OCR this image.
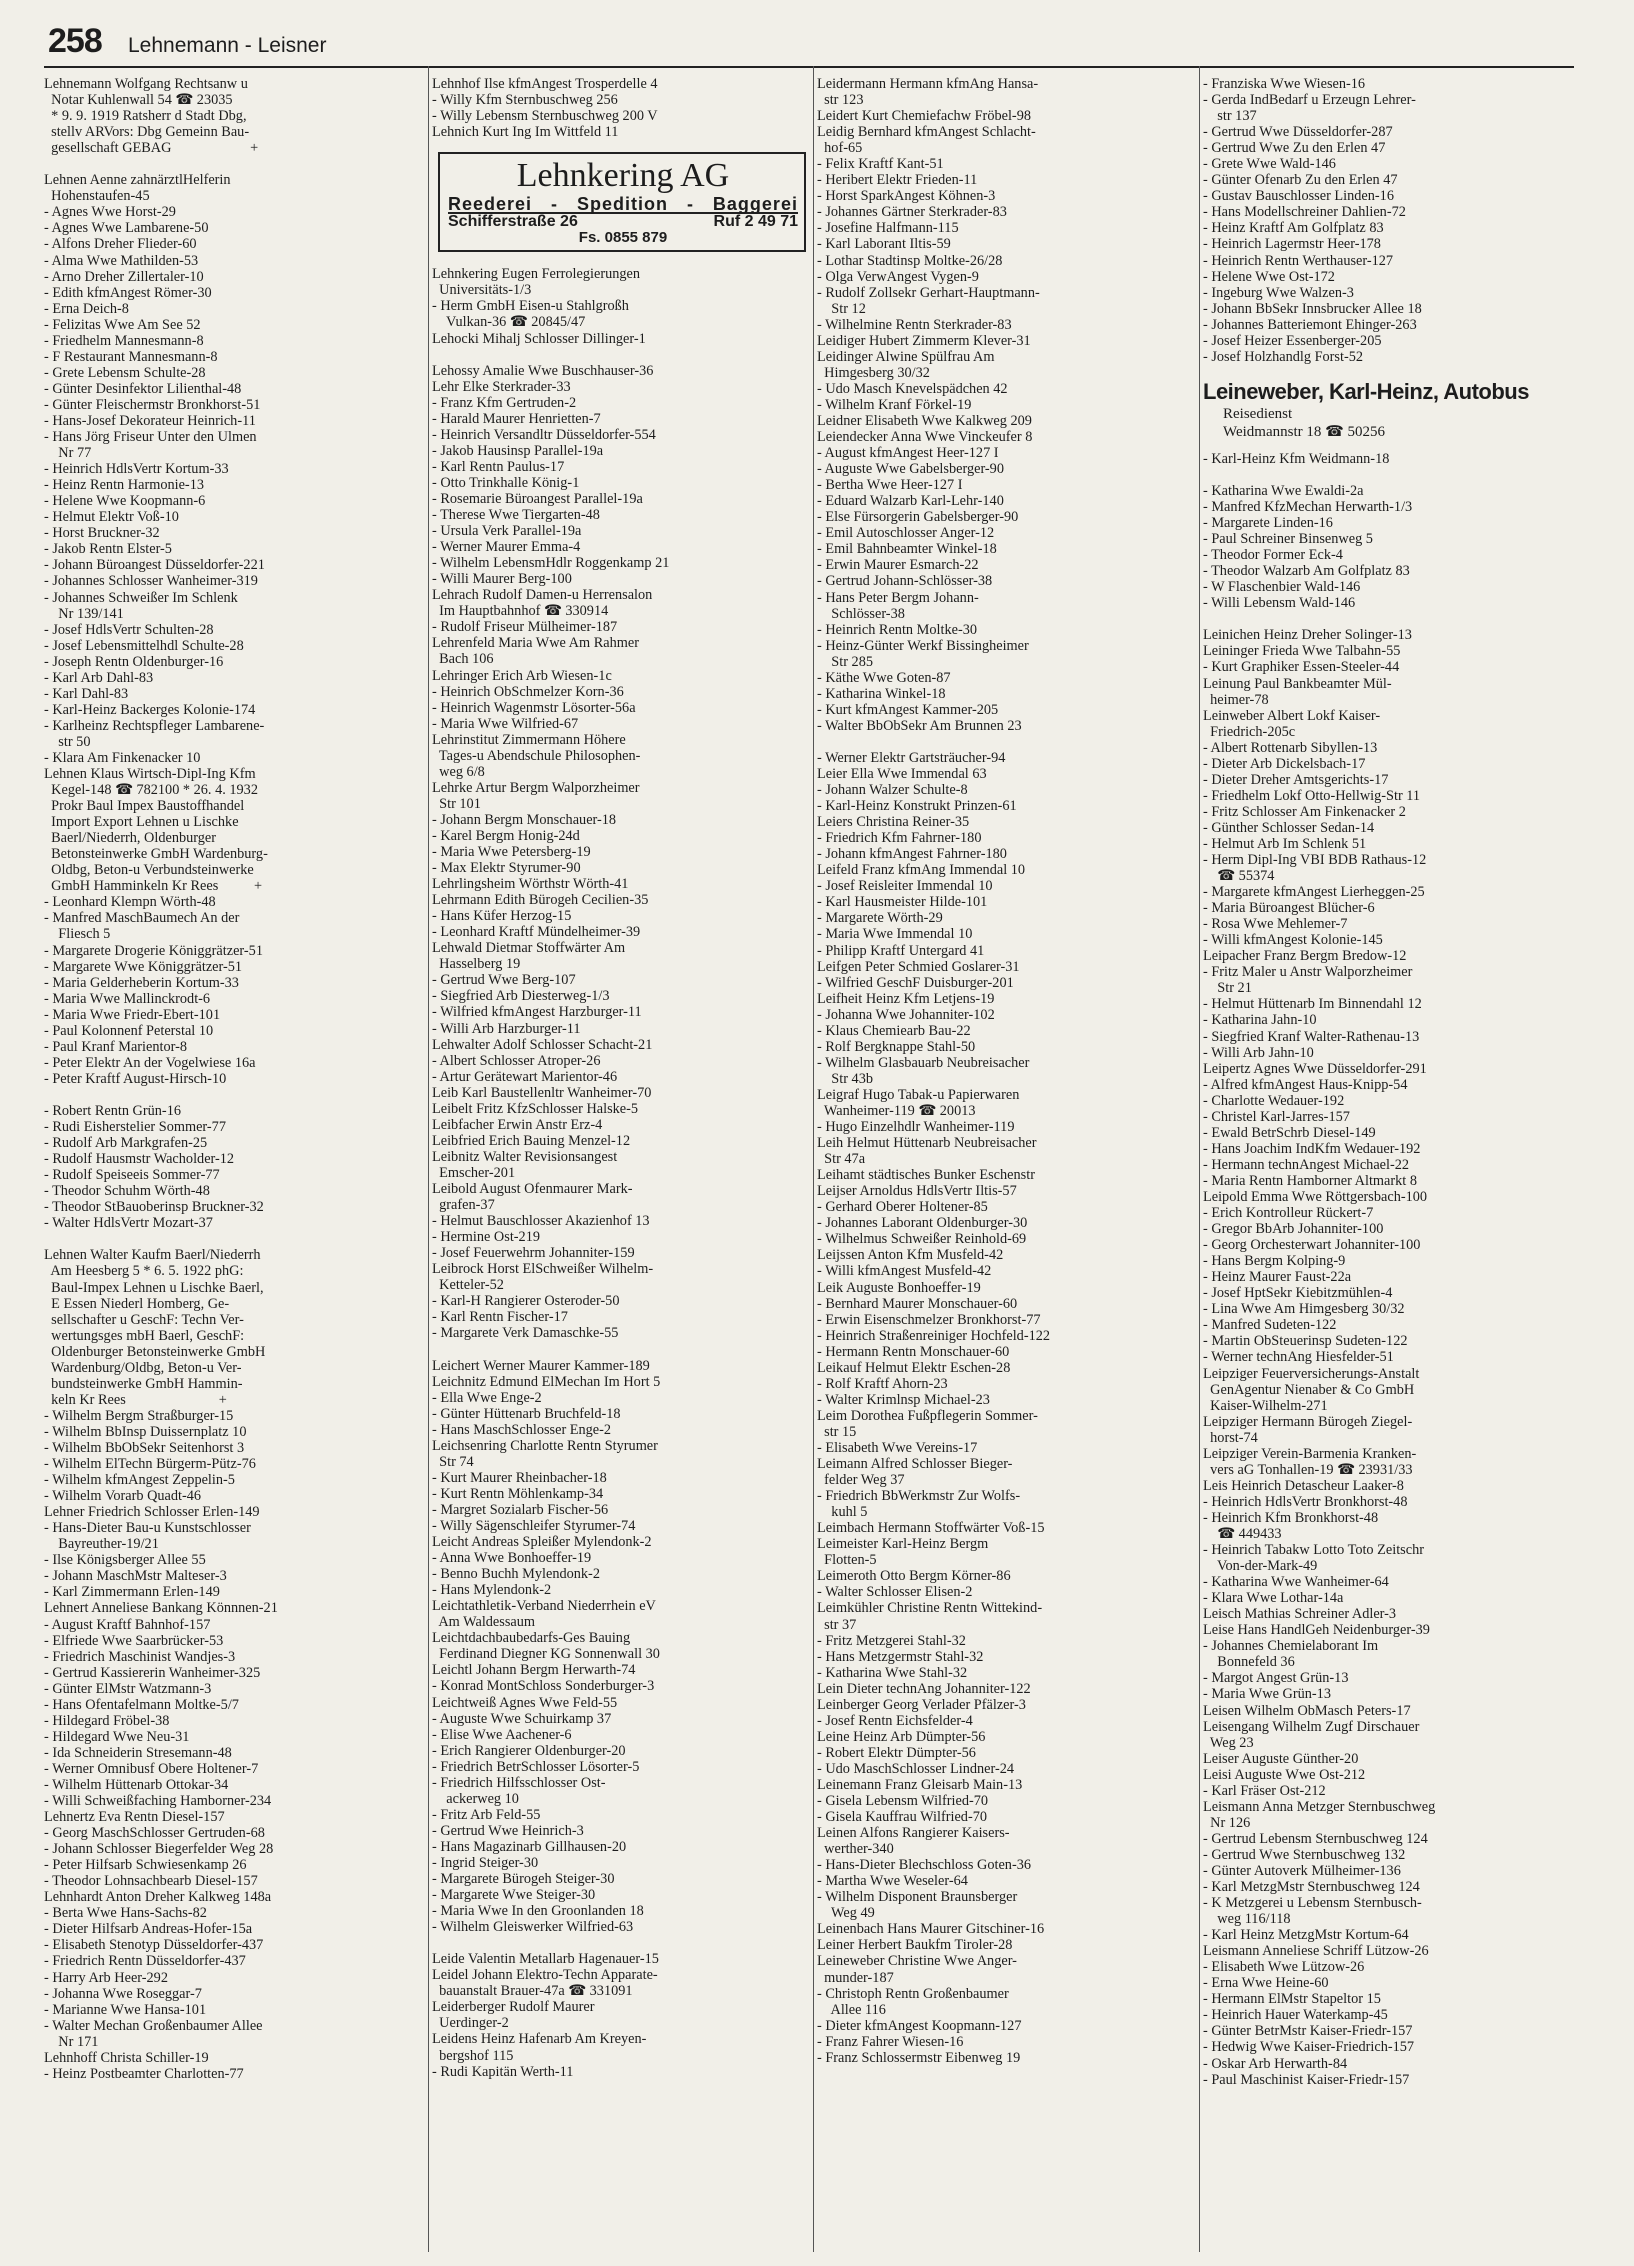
258 Lehnemann - Leisner
Lehnemann Wolfgang Rechtsanw u
Notar Kuhlenwall 54 ☎ 23035
* 9. 9. 1919 Ratsherr d Stadt Dbg,
stellv ARVors: Dbg Gemeinn Bau-
gesellschaft GEBAG                      +

Lehnen Aenne zahnärztlHelferin
Hohenstaufen-45
- Agnes Wwe Horst-29
- Agnes Wwe Lambarene-50
- Alfons Dreher Flieder-60
- Alma Wwe Mathilden-53
- Arno Dreher Zillertaler-10
- Edith kfmAngest Römer-30
- Erna Deich-8
- Felizitas Wwe Am See 52
- Friedhelm Mannesmann-8
- F Restaurant Mannesmann-8
- Grete Lebensm Schulte-28
- Günter Desinfektor Lilienthal-48
- Günter Fleischermstr Bronkhorst-51
- Hans-Josef Dekorateur Heinrich-11
- Hans Jörg Friseur Unter den Ulmen
Nr 77
- Heinrich HdlsVertr Kortum-33
- Heinz Rentn Harmonie-13
- Helene Wwe Koopmann-6
- Helmut Elektr Voß-10
- Horst Bruckner-32
- Jakob Rentn Elster-5
- Johann Büroangest Düsseldorfer-221
- Johannes Schlosser Wanheimer-319
- Johannes Schweißer Im Schlenk
Nr 139/141
- Josef HdlsVertr Schulten-28
- Josef Lebensmittelhdl Schulte-28
- Joseph Rentn Oldenburger-16
- Karl Arb Dahl-83
- Karl Dahl-83
- Karl-Heinz Backerges Kolonie-174
- Karlheinz Rechtspfleger Lambarene-
str 50
- Klara Am Finkenacker 10
Lehnen Klaus Wirtsch-Dipl-Ing Kfm
Kegel-148 ☎ 782100 * 26. 4. 1932
Prokr Baul Impex Baustoffhandel
Import Export Lehnen u Lischke
Baerl/Niederrh, Oldenburger
Betonsteinwerke GmbH Wardenburg-
Oldbg, Beton-u Verbundsteinwerke
GmbH Hamminkeln Kr Rees          +
- Leonhard Klempn Wörth-48
- Manfred MaschBaumech An der
Fliesch 5
- Margarete Drogerie Königgrätzer-51
- Margarete Wwe Königgrätzer-51
- Maria Gelderheberin Kortum-33
- Maria Wwe Mallinckrodt-6
- Maria Wwe Friedr-Ebert-101
- Paul Kolonnenf Peterstal 10
- Paul Kranf Marientor-8
- Peter Elektr An der Vogelwiese 16a
- Peter Kraftf August-Hirsch-10

- Robert Rentn Grün-16
- Rudi Eisherstelier Sommer-77
- Rudolf Arb Markgrafen-25
- Rudolf Hausmstr Wacholder-12
- Rudolf Speiseeis Sommer-77
- Theodor Schuhm Wörth-48
- Theodor StBauoberinsp Bruckner-32
- Walter HdlsVertr Mozart-37

Lehnen Walter Kaufm Baerl/Niederrh
Am Heesberg 5 * 6. 5. 1922 phG:
Baul-Impex Lehnen u Lischke Baerl,
E Essen Niederl Homberg, Ge-
sellschafter u GeschF: Techn Ver-
wertungsges mbH Baerl, GeschF:
Oldenburger Betonsteinwerke GmbH
Wardenburg/Oldbg, Beton-u Ver-
bundsteinwerke GmbH Hammin-
keln Kr Rees                          +
- Wilhelm Bergm Straßburger-15
- Wilhelm BbInsp Duissernplatz 10
- Wilhelm BbObSekr Seitenhorst 3
- Wilhelm ElTechn Bürgerm-Pütz-76
- Wilhelm kfmAngest Zeppelin-5
- Wilhelm Vorarb Quadt-46
Lehner Friedrich Schlosser Erlen-149
- Hans-Dieter Bau-u Kunstschlosser
Bayreuther-19/21
- Ilse Königsberger Allee 55
- Johann MaschMstr Malteser-3
- Karl Zimmermann Erlen-149
Lehnert Anneliese Bankang Könnnen-21
- August Kraftf Bahnhof-157
- Elfriede Wwe Saarbrücker-53
- Friedrich Maschinist Wandjes-3
- Gertrud Kassiererin Wanheimer-325
- Günter ElMstr Watzmann-3
- Hans Ofentafelmann Moltke-5/7
- Hildegard Fröbel-38
- Hildegard Wwe Neu-31
- Ida Schneiderin Stresemann-48
- Werner Omnibusf Obere Holtener-7
- Wilhelm Hüttenarb Ottokar-34
- Willi Schweißfaching Hamborner-234
Lehnertz Eva Rentn Diesel-157
- Georg MaschSchlosser Gertruden-68
- Johann Schlosser Biegerfelder Weg 28
- Peter Hilfsarb Schwiesenkamp 26
- Theodor Lohnsachbearb Diesel-157
Lehnhardt Anton Dreher Kalkweg 148a
- Berta Wwe Hans-Sachs-82
- Dieter Hilfsarb Andreas-Hofer-15a
- Elisabeth Stenotyp Düsseldorfer-437
- Friedrich Rentn Düsseldorfer-437
- Harry Arb Heer-292
- Johanna Wwe Roseggar-7
- Marianne Wwe Hansa-101
- Walter Mechan Großenbaumer Allee
Nr 171
Lehnhoff Christa Schiller-19
- Heinz Postbeamter Charlotten-77
Lehnhof Ilse kfmAngest Trosperdelle 4
- Willy Kfm Sternbuschweg 256
- Willy Lebensm Sternbuschweg 200 V
Lehnich Kurt Ing Im Wittfeld 11
Lehnkering AG
Reederei - Spedition - Baggerei
Schifferstraße 26	Ruf 2 49 71
Fs. 0855 879
Lehnkering Eugen Ferrolegierungen
Universitäts-1/3
- Herm GmbH Eisen-u Stahlgroßh
Vulkan-36 ☎ 20845/47
Lehocki Mihalj Schlosser Dillinger-1

Lehossy Amalie Wwe Buschhauser-36
Lehr Elke Sterkrader-33
- Franz Kfm Gertruden-2
- Harald Maurer Henrietten-7
- Heinrich Versandltr Düsseldorfer-554
- Jakob Hausinsp Parallel-19a
- Karl Rentn Paulus-17
- Otto Trinkhalle König-1
- Rosemarie Büroangest Parallel-19a
- Therese Wwe Tiergarten-48
- Ursula Verk Parallel-19a
- Werner Maurer Emma-4
- Wilhelm LebensmHdlr Roggenkamp 21
- Willi Maurer Berg-100
Lehrach Rudolf Damen-u Herrensalon
Im Hauptbahnhof ☎ 330914
- Rudolf Friseur Mülheimer-187
Lehrenfeld Maria Wwe Am Rahmer
Bach 106
Lehringer Erich Arb Wiesen-1c
- Heinrich ObSchmelzer Korn-36
- Heinrich Wagenmstr Lösorter-56a
- Maria Wwe Wilfried-67
Lehrinstitut Zimmermann Höhere
Tages-u Abendschule Philosophen-
weg 6/8
Lehrke Artur Bergm Walporzheimer
Str 101
- Johann Bergm Monschauer-18
- Karel Bergm Honig-24d
- Maria Wwe Petersberg-19
- Max Elektr Styrumer-90
Lehrlingsheim Wörthstr Wörth-41
Lehrmann Edith Bürogeh Cecilien-35
- Hans Küfer Herzog-15
- Leonhard Kraftf Mündelheimer-39
Lehwald Dietmar Stoffwärter Am
Hasselberg 19
- Gertrud Wwe Berg-107
- Siegfried Arb Diesterweg-1/3
- Wilfried kfmAngest Harzburger-11
- Willi Arb Harzburger-11
Lehwalter Adolf Schlosser Schacht-21
- Albert Schlosser Atroper-26
- Artur Gerätewart Marientor-46
Leib Karl Baustellenltr Wanheimer-70
Leibelt Fritz KfzSchlosser Halske-5
Leibfacher Erwin Anstr Erz-4
Leibfried Erich Bauing Menzel-12
Leibnitz Walter Revisionsangest
Emscher-201
Leibold August Ofenmaurer Mark-
grafen-37
- Helmut Bauschlosser Akazienhof 13
- Hermine Ost-219
- Josef Feuerwehrm Johanniter-159
Leibrock Horst ElSchweißer Wilhelm-
Ketteler-52
- Karl-H Rangierer Osteroder-50
- Karl Rentn Fischer-17
- Margarete Verk Damaschke-55

Leichert Werner Maurer Kammer-189
Leichnitz Edmund ElMechan Im Hort 5
- Ella Wwe Enge-2
- Günter Hüttenarb Bruchfeld-18
- Hans MaschSchlosser Enge-2
Leichsenring Charlotte Rentn Styrumer
Str 74
- Kurt Maurer Rheinbacher-18
- Kurt Rentn Möhlenkamp-34
- Margret Sozialarb Fischer-56
- Willy Sägenschleifer Styrumer-74
Leicht Andreas Spleißer Mylendonk-2
- Anna Wwe Bonhoeffer-19
- Benno Buchh Mylendonk-2
- Hans Mylendonk-2
Leichtathletik-Verband Niederrhein eV
Am Waldessaum
Leichtdachbaubedarfs-Ges Bauing
Ferdinand Diegner KG Sonnenwall 30
Leichtl Johann Bergm Herwarth-74
- Konrad MontSchloss Sonderburger-3
Leichtweiß Agnes Wwe Feld-55
- Auguste Wwe Schuirkamp 37
- Elise Wwe Aachener-6
- Erich Rangierer Oldenburger-20
- Friedrich BetrSchlosser Lösorter-5
- Friedrich Hilfsschlosser Ost-
ackerweg 10
- Fritz Arb Feld-55
- Gertrud Wwe Heinrich-3
- Hans Magazinarb Gillhausen-20
- Ingrid Steiger-30
- Margarete Bürogeh Steiger-30
- Margarete Wwe Steiger-30
- Maria Wwe In den Groonlanden 18
- Wilhelm Gleiswerker Wilfried-63

Leide Valentin Metallarb Hagenauer-15
Leidel Johann Elektro-Techn Apparate-
bauanstalt Brauer-47a ☎ 331091
Leiderberger Rudolf Maurer
Uerdinger-2
Leidens Heinz Hafenarb Am Kreyen-
bergshof 115
- Rudi Kapitän Werth-11
Leidermann Hermann kfmAng Hansa-
str 123
Leidert Kurt Chemiefachw Fröbel-98
Leidig Bernhard kfmAngest Schlacht-
hof-65
- Felix Kraftf Kant-51
- Heribert Elektr Frieden-11
- Horst SparkAngest Köhnen-3
- Johannes Gärtner Sterkrader-83
- Josefine Halfmann-115
- Karl Laborant Iltis-59
- Lothar Stadtinsp Moltke-26/28
- Olga VerwAngest Vygen-9
- Rudolf Zollsekr Gerhart-Hauptmann-
Str 12
- Wilhelmine Rentn Sterkrader-83
Leidiger Hubert Zimmerm Klever-31
Leidinger Alwine Spülfrau Am
Himgesberg 30/32
- Udo Masch Knevelspädchen 42
- Wilhelm Kranf Förkel-19
Leidner Elisabeth Wwe Kalkweg 209
Leiendecker Anna Wwe Vinckeufer 8
- August kfmAngest Heer-127 I
- Auguste Wwe Gabelsberger-90
- Bertha Wwe Heer-127 I
- Eduard Walzarb Karl-Lehr-140
- Else Fürsorgerin Gabelsberger-90
- Emil Autoschlosser Anger-12
- Emil Bahnbeamter Winkel-18
- Erwin Maurer Esmarch-22
- Gertrud Johann-Schlösser-38
- Hans Peter Bergm Johann-
Schlösser-38
- Heinrich Rentn Moltke-30
- Heinz-Günter Werkf Bissingheimer
Str 285
- Käthe Wwe Goten-87
- Katharina Winkel-18
- Kurt kfmAngest Kammer-205
- Walter BbObSekr Am Brunnen 23

- Werner Elektr Gartsträucher-94
Leier Ella Wwe Immendal 63
- Johann Walzer Schulte-8
- Karl-Heinz Konstrukt Prinzen-61
Leiers Christina Reiner-35
- Friedrich Kfm Fahrner-180
- Johann kfmAngest Fahrner-180
Leifeld Franz kfmAng Immendal 10
- Josef Reisleiter Immendal 10
- Karl Hausmeister Hilde-101
- Margarete Wörth-29
- Maria Wwe Immendal 10
- Philipp Kraftf Untergard 41
Leifgen Peter Schmied Goslarer-31
- Wilfried GeschF Duisburger-201
Leifheit Heinz Kfm Letjens-19
- Johanna Wwe Johanniter-102
- Klaus Chemiearb Bau-22
- Rolf Bergknappe Stahl-50
- Wilhelm Glasbauarb Neubreisacher
Str 43b
Leigraf Hugo Tabak-u Papierwaren
Wanheimer-119 ☎ 20013
- Hugo Einzelhdlr Wanheimer-119
Leih Helmut Hüttenarb Neubreisacher
Str 47a
Leihamt städtisches Bunker Eschenstr
Leijser Arnoldus HdlsVertr Iltis-57
- Gerhard Oberer Holtener-85
- Johannes Laborant Oldenburger-30
- Wilhelmus Schweißer Reinhold-69
Leijssen Anton Kfm Musfeld-42
- Willi kfmAngest Musfeld-42
Leik Auguste Bonhoeffer-19
- Bernhard Maurer Monschauer-60
- Erwin Eisenschmelzer Bronkhorst-77
- Heinrich Straßenreiniger Hochfeld-122
- Hermann Rentn Monschauer-60
Leikauf Helmut Elektr Eschen-28
- Rolf Kraftf Ahorn-23
- Walter Krimlnsp Michael-23
Leim Dorothea Fußpflegerin Sommer-
str 15
- Elisabeth Wwe Vereins-17
Leimann Alfred Schlosser Bieger-
felder Weg 37
- Friedrich BbWerkmstr Zur Wolfs-
kuhl 5
Leimbach Hermann Stoffwärter Voß-15
Leimeister Karl-Heinz Bergm
Flotten-5
Leimeroth Otto Bergm Körner-86
- Walter Schlosser Elisen-2
Leimkühler Christine Rentn Wittekind-
str 37
- Fritz Metzgerei Stahl-32
- Hans Metzgermstr Stahl-32
- Katharina Wwe Stahl-32
Lein Dieter technAng Johanniter-122
Leinberger Georg Verlader Pfälzer-3
- Josef Rentn Eichsfelder-4
Leine Heinz Arb Dümpter-56
- Robert Elektr Dümpter-56
- Udo MaschSchlosser Lindner-24
Leinemann Franz Gleisarb Main-13
- Gisela Lebensm Wilfried-70
- Gisela Kauffrau Wilfried-70
Leinen Alfons Rangierer Kaisers-
werther-340
- Hans-Dieter Blechschloss Goten-36
- Martha Wwe Weseler-64
- Wilhelm Disponent Braunsberger
Weg 49
Leinenbach Hans Maurer Gitschiner-16
Leiner Herbert Baukfm Tiroler-28
Leineweber Christine Wwe Anger-
munder-187
- Christoph Rentn Großenbaumer
Allee 116
- Dieter kfmAngest Koopmann-127
- Franz Fahrer Wiesen-16
- Franz Schlossermstr Eibenweg 19
- Franziska Wwe Wiesen-16
- Gerda IndBedarf u Erzeugn Lehrer-
str 137
- Gertrud Wwe Düsseldorfer-287
- Gertrud Wwe Zu den Erlen 47
- Grete Wwe Wald-146
- Günter Ofenarb Zu den Erlen 47
- Gustav Bauschlosser Linden-16
- Hans Modellschreiner Dahlien-72
- Heinz Kraftf Am Golfplatz 83
- Heinrich Lagermstr Heer-178
- Heinrich Rentn Werthauser-127
- Helene Wwe Ost-172
- Ingeburg Wwe Walzen-3
- Johann BbSekr Innsbrucker Allee 18
- Johannes Batteriemont Ehinger-263
- Josef Heizer Essenberger-205
- Josef Holzhandlg Forst-52
Leineweber, Karl-Heinz, Autobus
Reisedienst
Weidmannstr 18 ☎ 50256
- Karl-Heinz Kfm Weidmann-18

- Katharina Wwe Ewaldi-2a
- Manfred KfzMechan Herwarth-1/3
- Margarete Linden-16
- Paul Schreiner Binsenweg 5
- Theodor Former Eck-4
- Theodor Walzarb Am Golfplatz 83
- W Flaschenbier Wald-146
- Willi Lebensm Wald-146

Leinichen Heinz Dreher Solinger-13
Leininger Frieda Wwe Talbahn-55
- Kurt Graphiker Essen-Steeler-44
Leinung Paul Bankbeamter Mül-
heimer-78
Leinweber Albert Lokf Kaiser-
Friedrich-205c
- Albert Rottenarb Sibyllen-13
- Dieter Arb Dickelsbach-17
- Dieter Dreher Amtsgerichts-17
- Friedhelm Lokf Otto-Hellwig-Str 11
- Fritz Schlosser Am Finkenacker 2
- Günther Schlosser Sedan-14
- Helmut Arb Im Schlenk 51
- Herm Dipl-Ing VBI BDB Rathaus-12
☎ 55374
- Margarete kfmAngest Lierheggen-25
- Maria Büroangest Blücher-6
- Rosa Wwe Mehlemer-7
- Willi kfmAngest Kolonie-145
Leipacher Franz Bergm Bredow-12
- Fritz Maler u Anstr Walporzheimer
Str 21
- Helmut Hüttenarb Im Binnendahl 12
- Katharina Jahn-10
- Siegfried Kranf Walter-Rathenau-13
- Willi Arb Jahn-10
Leipertz Agnes Wwe Düsseldorfer-291
- Alfred kfmAngest Haus-Knipp-54
- Charlotte Wedauer-192
- Christel Karl-Jarres-157
- Ewald BetrSchrb Diesel-149
- Hans Joachim IndKfm Wedauer-192
- Hermann technAngest Michael-22
- Maria Rentn Hamborner Altmarkt 8
Leipold Emma Wwe Röttgersbach-100
- Erich Kontrolleur Rückert-7
- Gregor BbArb Johanniter-100
- Georg Orchesterwart Johanniter-100
- Hans Bergm Kolping-9
- Heinz Maurer Faust-22a
- Josef HptSekr Kiebitzmühlen-4
- Lina Wwe Am Himgesberg 30/32
- Manfred Sudeten-122
- Martin ObSteuerinsp Sudeten-122
- Werner technAng Hiesfelder-51
Leipziger Feuerversicherungs-Anstalt
GenAgentur Nienaber & Co GmbH
Kaiser-Wilhelm-271
Leipziger Hermann Bürogeh Ziegel-
horst-74
Leipziger Verein-Barmenia Kranken-
vers aG Tonhallen-19 ☎ 23931/33
Leis Heinrich Detascheur Laaker-8
- Heinrich HdlsVertr Bronkhorst-48
- Heinrich Kfm Bronkhorst-48
☎ 449433
- Heinrich Tabakw Lotto Toto Zeitschr
Von-der-Mark-49
- Katharina Wwe Wanheimer-64
- Klara Wwe Lothar-14a
Leisch Mathias Schreiner Adler-3
Leise Hans HandlGeh Neidenburger-39
- Johannes Chemielaborant Im
Bonnefeld 36
- Margot Angest Grün-13
- Maria Wwe Grün-13
Leisen Wilhelm ObMasch Peters-17
Leisengang Wilhelm Zugf Dirschauer
Weg 23
Leiser Auguste Günther-20
Leisi Auguste Wwe Ost-212
- Karl Fräser Ost-212
Leismann Anna Metzger Sternbuschweg
Nr 126
- Gertrud Lebensm Sternbuschweg 124
- Gertrud Wwe Sternbuschweg 132
- Günter Autoverk Mülheimer-136
- Karl MetzgMstr Sternbuschweg 124
- K Metzgerei u Lebensm Sternbusch-
weg 116/118
- Karl Heinz MetzgMstr Kortum-64
Leismann Anneliese Schriff Lützow-26
- Elisabeth Wwe Lützow-26
- Erna Wwe Heine-60
- Hermann ElMstr Stapeltor 15
- Heinrich Hauer Waterkamp-45
- Günter BetrMstr Kaiser-Friedr-157
- Hedwig Wwe Kaiser-Friedrich-157
- Oskar Arb Herwarth-84
- Paul Maschinist Kaiser-Friedr-157
